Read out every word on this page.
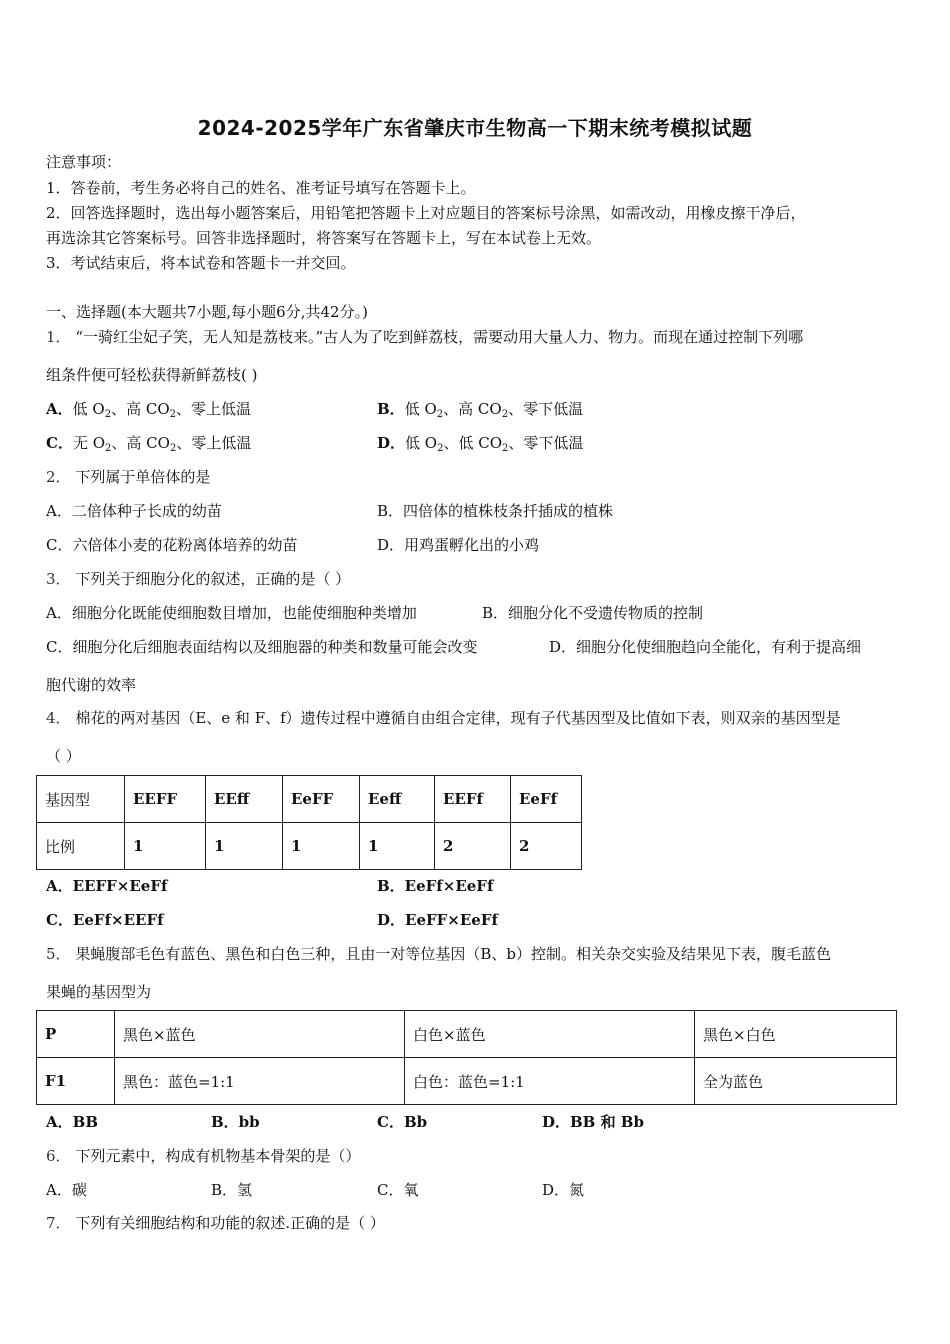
2024-2025学年广东省肇庆市生物高一下期末统考模拟试题
注意事项：
1．答卷前，考生务必将自己的姓名、准考证号填写在答题卡上。
2．回答选择题时，选出每小题答案后，用铅笔把答题卡上对应题目的答案标号涂黑，如需改动，用橡皮擦干净后，
再选涂其它答案标号。回答非选择题时，将答案写在答题卡上，写在本试卷上无效。
3．考试结束后，将本试卷和答题卡一并交回。
一、选择题(本大题共7小题,每小题6分,共42分。)
1． “一骑红尘妃子笑，无人知是荔枝来。”古人为了吃到鲜荔枝，需要动用大量人力、物力。而现在通过控制下列哪
组条件便可轻松获得新鲜荔枝( )
A．低 $O_2$、高 $CO_2$、零上低温	B．低 $O_2$、高 $CO_2$、零下低温
C．无 $O_2$、高 $CO_2$、零上低温	D．低 $O_2$、低 $CO_2$、零下低温
2． 下列属于单倍体的是
A．二倍体种子长成的幼苗	B．四倍体的植株枝条扦插成的植株
C．六倍体小麦的花粉离体培养的幼苗	D．用鸡蛋孵化出的小鸡
3． 下列关于细胞分化的叙述，正确的是（ ）
A．细胞分化既能使细胞数目增加，也能使细胞种类增加	B．细胞分化不受遗传物质的控制
C．细胞分化后细胞表面结构以及细胞器的种类和数量可能会改变	D．细胞分化使细胞趋向全能化，有利于提高细
胞代谢的效率
4． 棉花的两对基因（E、e 和 F、f）遗传过程中遵循自由组合定律，现有子代基因型及比值如下表，则双亲的基因型是
（ ）
基因型	EEFF	EEff	EeFF	Eeff	EEFf	EeFf
比例	1	1	1	1	2	2
A．EEFF×EeFf	B．EeFf×EeFf
C．EeFf×EEFf	D．EeFF×EeFf
5． 果蝇腹部毛色有蓝色、黑色和白色三种，且由一对等位基因（B、b）控制。相关杂交实验及结果见下表，腹毛蓝色
果蝇的基因型为
P	黑色×蓝色	白色×蓝色	黑色×白色
F1	黑色：蓝色=1:1	白色：蓝色=1:1	全为蓝色
A．BB	B．bb	C．Bb	D．BB 和 Bb
6． 下列元素中，构成有机物基本骨架的是（）
A．碳	B．氢	C．氧	D．氮
7． 下列有关细胞结构和功能的叙述.正确的是（ ）
